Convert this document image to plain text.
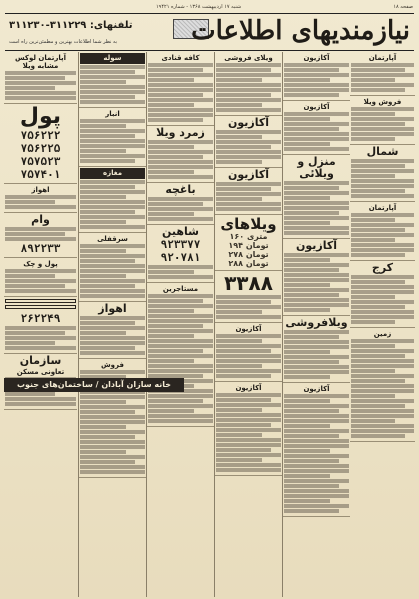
شنبه ۱۷ اردیبهشت ۱۳۶۸ - شماره ۱۹۴۲۱	صفحه ۱۸
تلفنهای: ۳۱۱۲۲۹-۳۱۱۲۳۰ نیازمندیهای اطلاعات
به نظر شما اطلاعات بهترین و مطمئن‌ترین راه است
آپارتمان
فروش ویلا
شمال
آپارتمان
کرج
زمین
آکازیون
آکازیون
منزل و ویلائی
آکازیون
ویلافروشی
آکازیون
ویلای فروشی
آکازیون
آکازیون
ویلاهای
۱۶۰ متری
۱۹۴ تومان
۲۷۸ تومان
۲۸۸ تومان
۳۳۸۸
آکازیون
آکازیون
کافه قنادی
زمرد ویلا
باغچه
شاهین
۹۲۳۳۷۷
۹۲۰۷۸۱
مستاجرین
سوله
انبار
مغازه
سرقفلی
اهواز
فروش
آپارتمان لوکس مشابه ویلا
پول
۷۵۶۲۲۲
۷۵۶۲۲۵
۷۵۷۵۲۳
۷۵۷۴۰۱
اهواز
وام
۸۹۲۲۳۳
پول و چک
۲۶۲۲۴۹
سازمان
تعاونی مسکن
خانه سازان آبادان / ساختمان‌های جنوب
